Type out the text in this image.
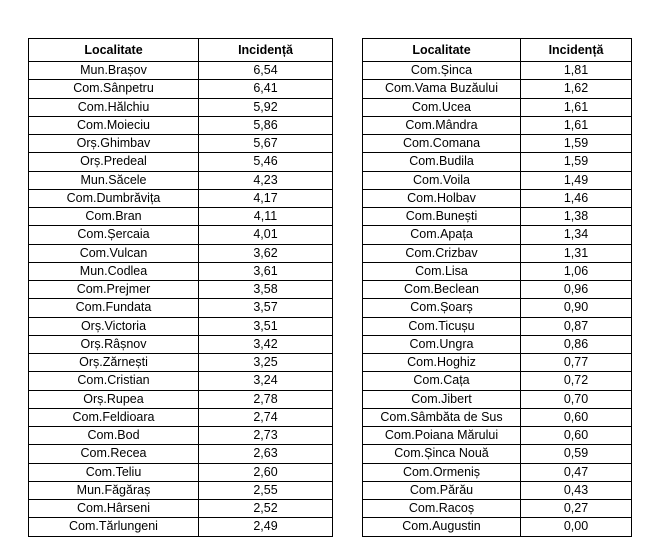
Localitate	Incidență
Mun.Brașov	6,54
Com.Sânpetru	6,41
Com.Hălchiu	5,92
Com.Moieciu	5,86
Orș.Ghimbav	5,67
Orș.Predeal	5,46
Mun.Săcele	4,23
Com.Dumbrăvița	4,17
Com.Bran	4,11
Com.Șercaia	4,01
Com.Vulcan	3,62
Mun.Codlea	3,61
Com.Prejmer	3,58
Com.Fundata	3,57
Orș.Victoria	3,51
Orș.Râșnov	3,42
Orș.Zărnești	3,25
Com.Cristian	3,24
Orș.Rupea	2,78
Com.Feldioara	2,74
Com.Bod	2,73
Com.Recea	2,63
Com.Teliu	2,60
Mun.Făgăraș	2,55
Com.Hârseni	2,52
Com.Tărlungeni	2,49
Localitate	Incidență
Com.Șinca	1,81
Com.Vama Buzăului	1,62
Com.Ucea	1,61
Com.Mândra	1,61
Com.Comana	1,59
Com.Budila	1,59
Com.Voila	1,49
Com.Holbav	1,46
Com.Bunești	1,38
Com.Apața	1,34
Com.Crizbav	1,31
Com.Lisa	1,06
Com.Beclean	0,96
Com.Șoarș	0,90
Com.Ticușu	0,87
Com.Ungra	0,86
Com.Hoghiz	0,77
Com.Cața	0,72
Com.Jibert	0,70
Com.Sâmbăta de Sus	0,60
Com.Poiana Mărului	0,60
Com.Șinca Nouă	0,59
Com.Ormeniș	0,47
Com.Părău	0,43
Com.Racoș	0,27
Com.Augustin	0,00
